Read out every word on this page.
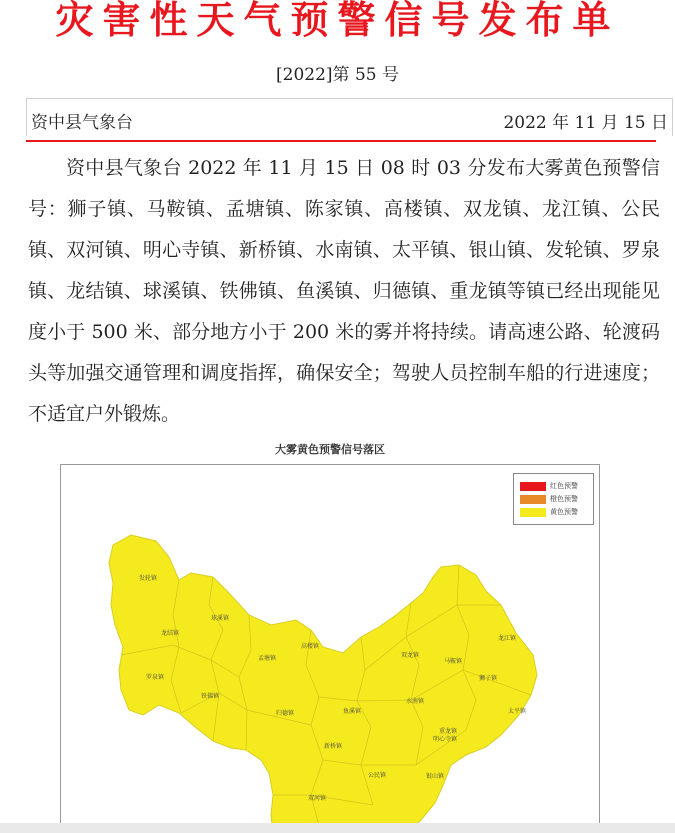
灾害性天气预警信号发布单
[2022]第 55 号
资中县气象台	2022 年 11 月 15 日
资中县气象台 2022 年 11 月 15 日 08 时 03 分发布大雾黄色预警信号：狮子镇、马鞍镇、孟塘镇、陈家镇、高楼镇、双龙镇、龙江镇、公民镇、双河镇、明心寺镇、新桥镇、水南镇、太平镇、银山镇、发轮镇、罗泉镇、龙结镇、球溪镇、铁佛镇、鱼溪镇、归德镇、重龙镇等镇已经出现能见度小于 500 米、部分地方小于 200 米的雾并将持续。请高速公路、轮渡码头等加强交通管理和调度指挥，确保安全；驾驶人员控制车船的行进速度；不适宜户外锻炼。
大雾黄色预警信号落区
发轮镇
龙结镇
球溪镇
罗泉镇
铁佛镇
孟塘镇
归德镇
高楼镇
龙江镇
双龙镇
马鞍镇
狮子镇
鱼溪镇
水南镇
重龙镇
太平镇
新桥镇
明心寺镇
公民镇	银山镇
双河镇
红色预警
橙色预警
黄色预警
